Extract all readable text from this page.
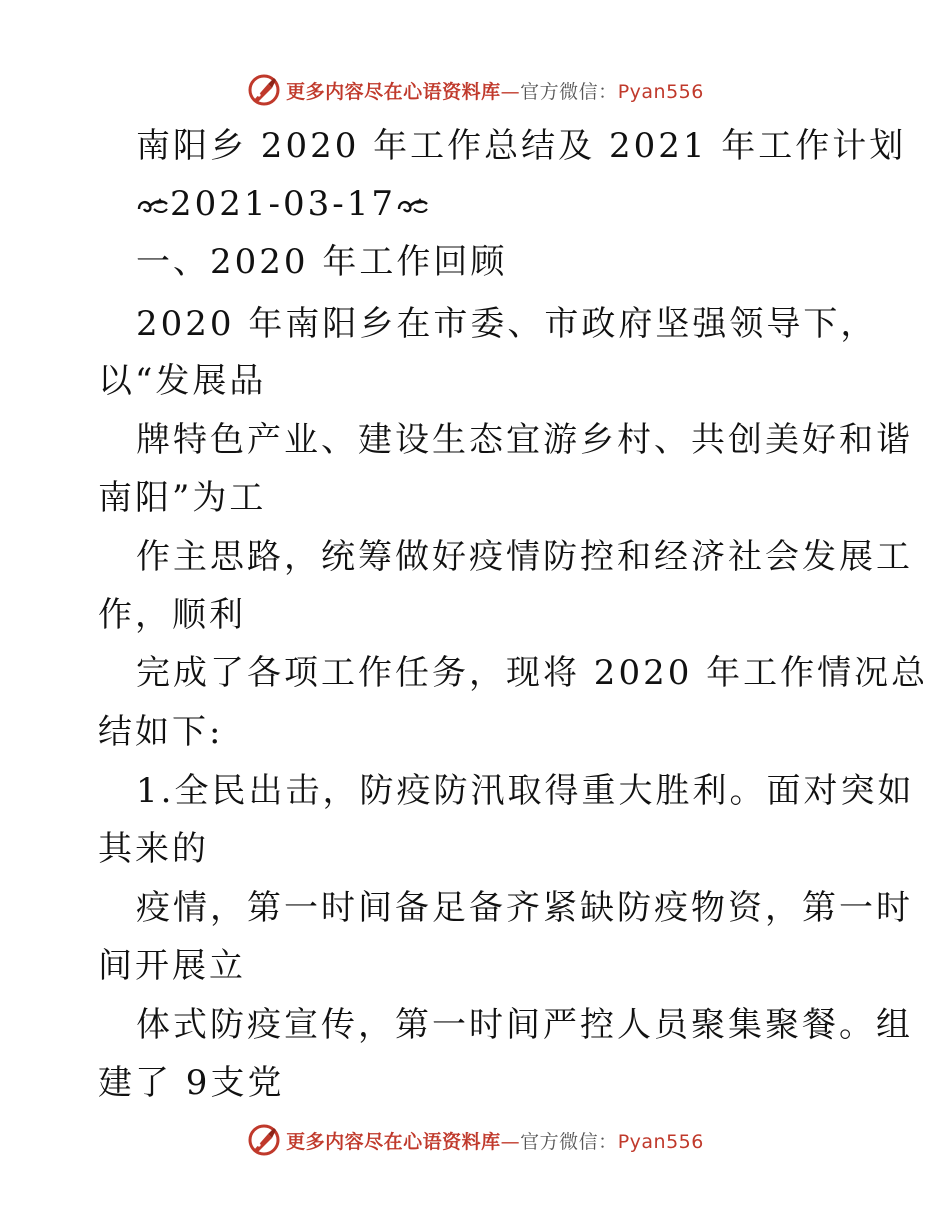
更多内容尽在心语资料库—官方微信：Pyan556
南阳乡 2020 年工作总结及 2021 年工作计划
2021-03-17
一、2020 年工作回顾
2020 年南阳乡在市委、市政府坚强领导下，
以“发展品
牌特色产业、建设生态宜游乡村、共创美好和谐
南阳”为工
作主思路，统筹做好疫情防控和经济社会发展工
作，顺利
完成了各项工作任务，现将 2020 年工作情况总
结如下:
1.全民出击，防疫防汛取得重大胜利。面对突如
其来的
疫情，第一时间备足备齐紧缺防疫物资，第一时
间开展立
体式防疫宣传，第一时间严控人员聚集聚餐。组
建了 9支党
更多内容尽在心语资料库—官方微信：Pyan556
